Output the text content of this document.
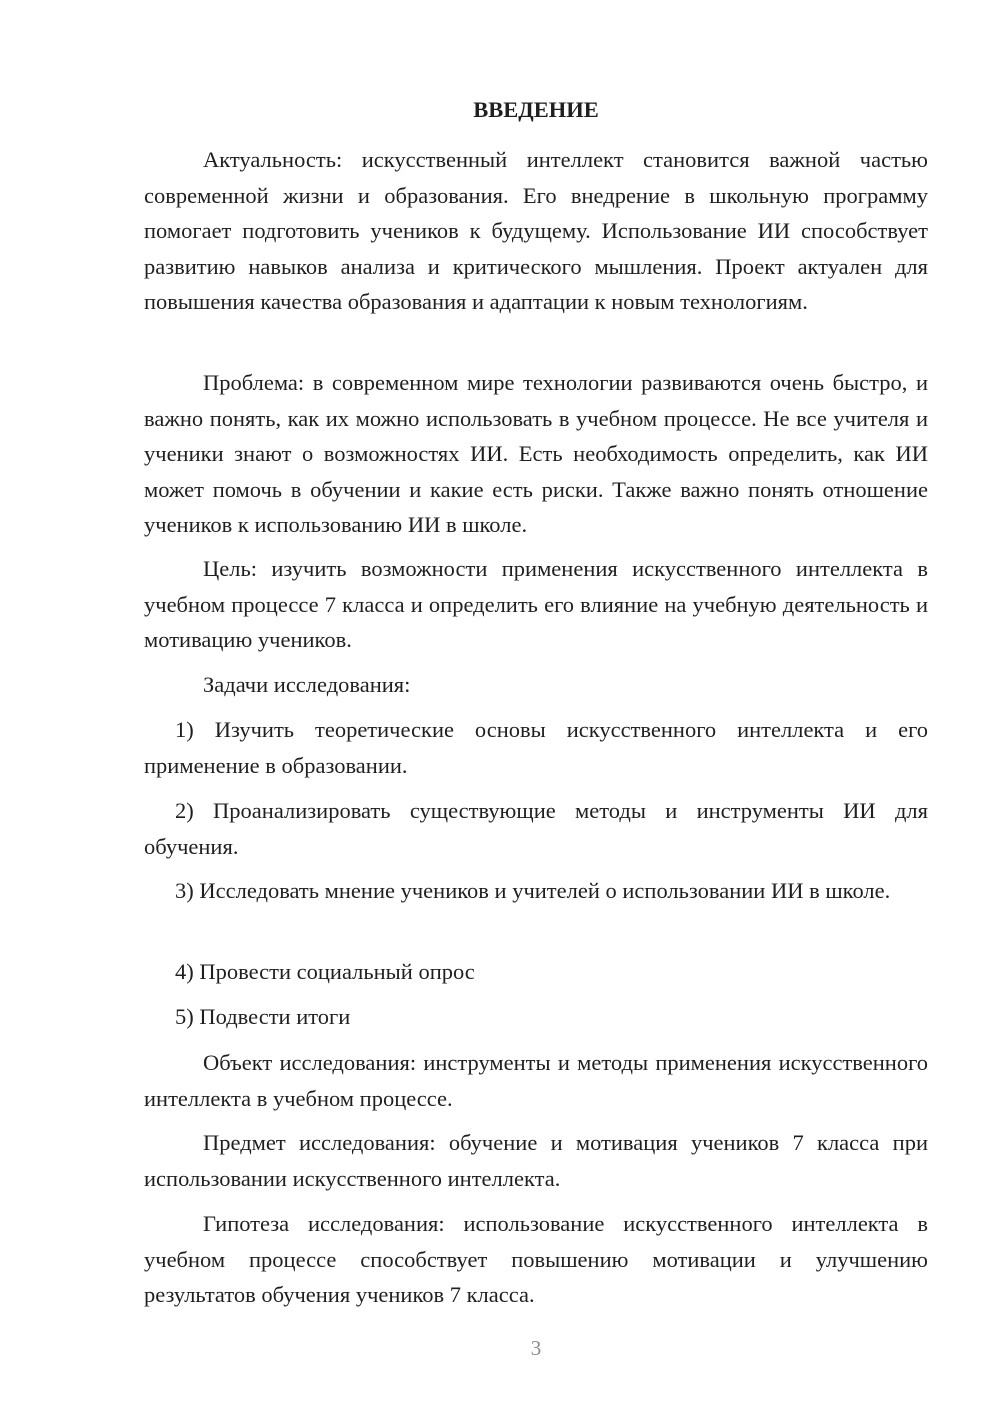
ВВЕДЕНИЕ

Актуальность: искусственный интеллект становится важной частью современной жизни и образования. Его внедрение в школьную программу помогает подготовить учеников к будущему. Использование ИИ способствует развитию навыков анализа и критического мышления. Проект актуален для повышения качества образования и адаптации к новым технологиям.

Проблема: в современном мире технологии развиваются очень быстро, и важно понять, как их можно использовать в учебном процессе. Не все учителя и ученики знают о возможностях ИИ. Есть необходимость определить, как ИИ может помочь в обучении и какие есть риски. Также важно понять отношение учеников к использованию ИИ в школе.

Цель: изучить возможности применения искусственного интеллекта в учебном процессе 7 класса и определить его влияние на учебную деятельность и мотивацию учеников.

Задачи исследования:

1) Изучить теоретические основы искусственного интеллекта и его применение в образовании.

2) Проанализировать существующие методы и инструменты ИИ для обучения.

3) Исследовать мнение учеников и учителей о использовании ИИ в школе.

4) Провести социальный опрос

5) Подвести итоги

Объект исследования: инструменты и методы применения искусственного интеллекта в учебном процессе.

Предмет исследования: обучение и мотивация учеников 7 класса при использовании искусственного интеллекта.

Гипотеза исследования: использование искусственного интеллекта в учебном процессе способствует повышению мотивации и улучшению результатов обучения учеников 7 класса.

3
